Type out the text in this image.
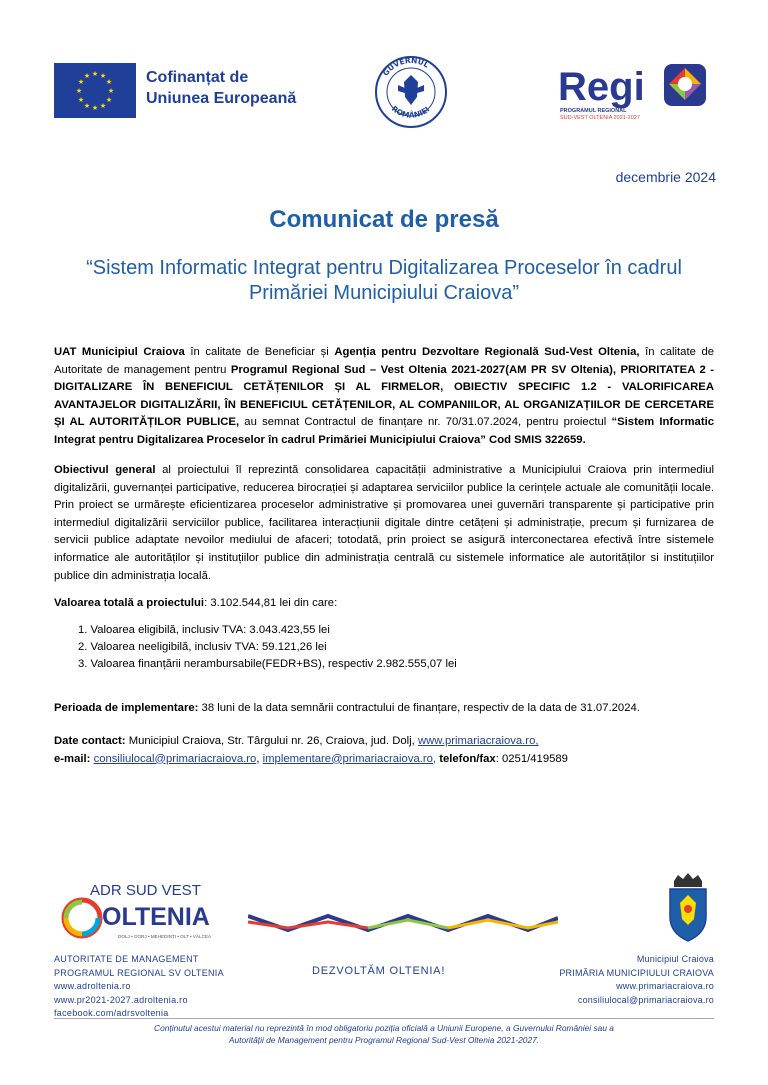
★ ★
★
★
★
★
★
★
★
★
★
★	Cofinanțat de
Uniunea Europeană
GUVERNUL
ROMÂNIEI
Regi
PROGRAMUL REGIONAL
SUD-VEST OLTENIA 2021-2027
decembrie 2024
Comunicat de presă
“Sistem Informatic Integrat pentru Digitalizarea Proceselor în cadrul Primăriei Municipiului Craiova”
UAT Municipiul Craiova în calitate de Beneficiar și Agenția pentru Dezvoltare Regională Sud-Vest Oltenia, în calitate de Autoritate de management pentru Programul Regional Sud – Vest Oltenia 2021-2027(AM PR SV Oltenia), PRIORITATEA 2 - DIGITALIZARE ÎN BENEFICIUL CETĂȚENILOR ȘI AL FIRMELOR, OBIECTIV SPECIFIC 1.2 - VALORIFICAREA AVANTAJELOR DIGITALIZĂRII, ÎN BENEFICIUL CETĂȚENILOR, AL COMPANIILOR, AL ORGANIZAȚIILOR DE CERCETARE ȘI AL AUTORITĂȚILOR PUBLICE, au semnat Contractul de finanțare nr. 70/31.07.2024, pentru proiectul “Sistem Informatic Integrat pentru Digitalizarea Proceselor în cadrul Primăriei Municipiului Craiova” Cod SMIS 322659.
Obiectivul general al proiectului îl reprezintă consolidarea capacității administrative a Municipiului Craiova prin intermediul digitalizării, guvernanței participative, reducerea birocrației și adaptarea serviciilor publice la cerințele actuale ale comunității locale. Prin proiect se urmărește eficientizarea proceselor administrative și promovarea unei guvernări transparente și participative prin intermediul digitalizării serviciilor publice, facilitarea interacțiunii digitale dintre cetățeni și administrație, precum și furnizarea de servicii publice adaptate nevoilor mediului de afaceri; totodată, prin proiect se asigură interconectarea efectivă între sistemele informatice ale autorităților și instituțiilor publice din administrația centrală cu sistemele informatice ale autorităților si instituțiilor publice din administrația locală.
Valoarea totală a proiectului: 3.102.544,81 lei din care:
1. Valoarea eligibilă, inclusiv TVA: 3.043.423,55 lei
2. Valoarea neeligibilă, inclusiv TVA: 59.121,26 lei
3. Valoarea finanțării nerambursabile(FEDR+BS), respectiv 2.982.555,07 lei
Perioada de implementare: 38 luni de la data semnării contractului de finanțare, respectiv de la data de 31.07.2024.
Date contact: Municipiul Craiova, Str. Târgului nr. 26, Craiova, jud. Dolj, www.primariacraiova.ro,
e-mail: consiliulocal@primariacraiova.ro, implementare@primariacraiova.ro, telefon/fax: 0251/419589
ADR SUD VEST
OLTENIA
DOLJ • GORJ • MEHEDINȚI • OLT • VÂLCEA
AUTORITATE DE MANAGEMENT
PROGRAMUL REGIONAL SV OLTENIA
www.adroltenia.ro
www.pr2021-2027.adroltenia.ro
facebook.com/adrsvoltenia
DEZVOLTĂM OLTENIA!
Municipiul Craiova
PRIMĂRIA MUNICIPIULUI CRAIOVA
www.primariacraiova.ro
consiliulocal@primariacraiova.ro
Conținutul acestui material nu reprezintă în mod obligatoriu poziția oficială a Uniunii Europene, a Guvernului României sau a Autorității de Management pentru Programul Regional Sud-Vest Oltenia 2021-2027.
